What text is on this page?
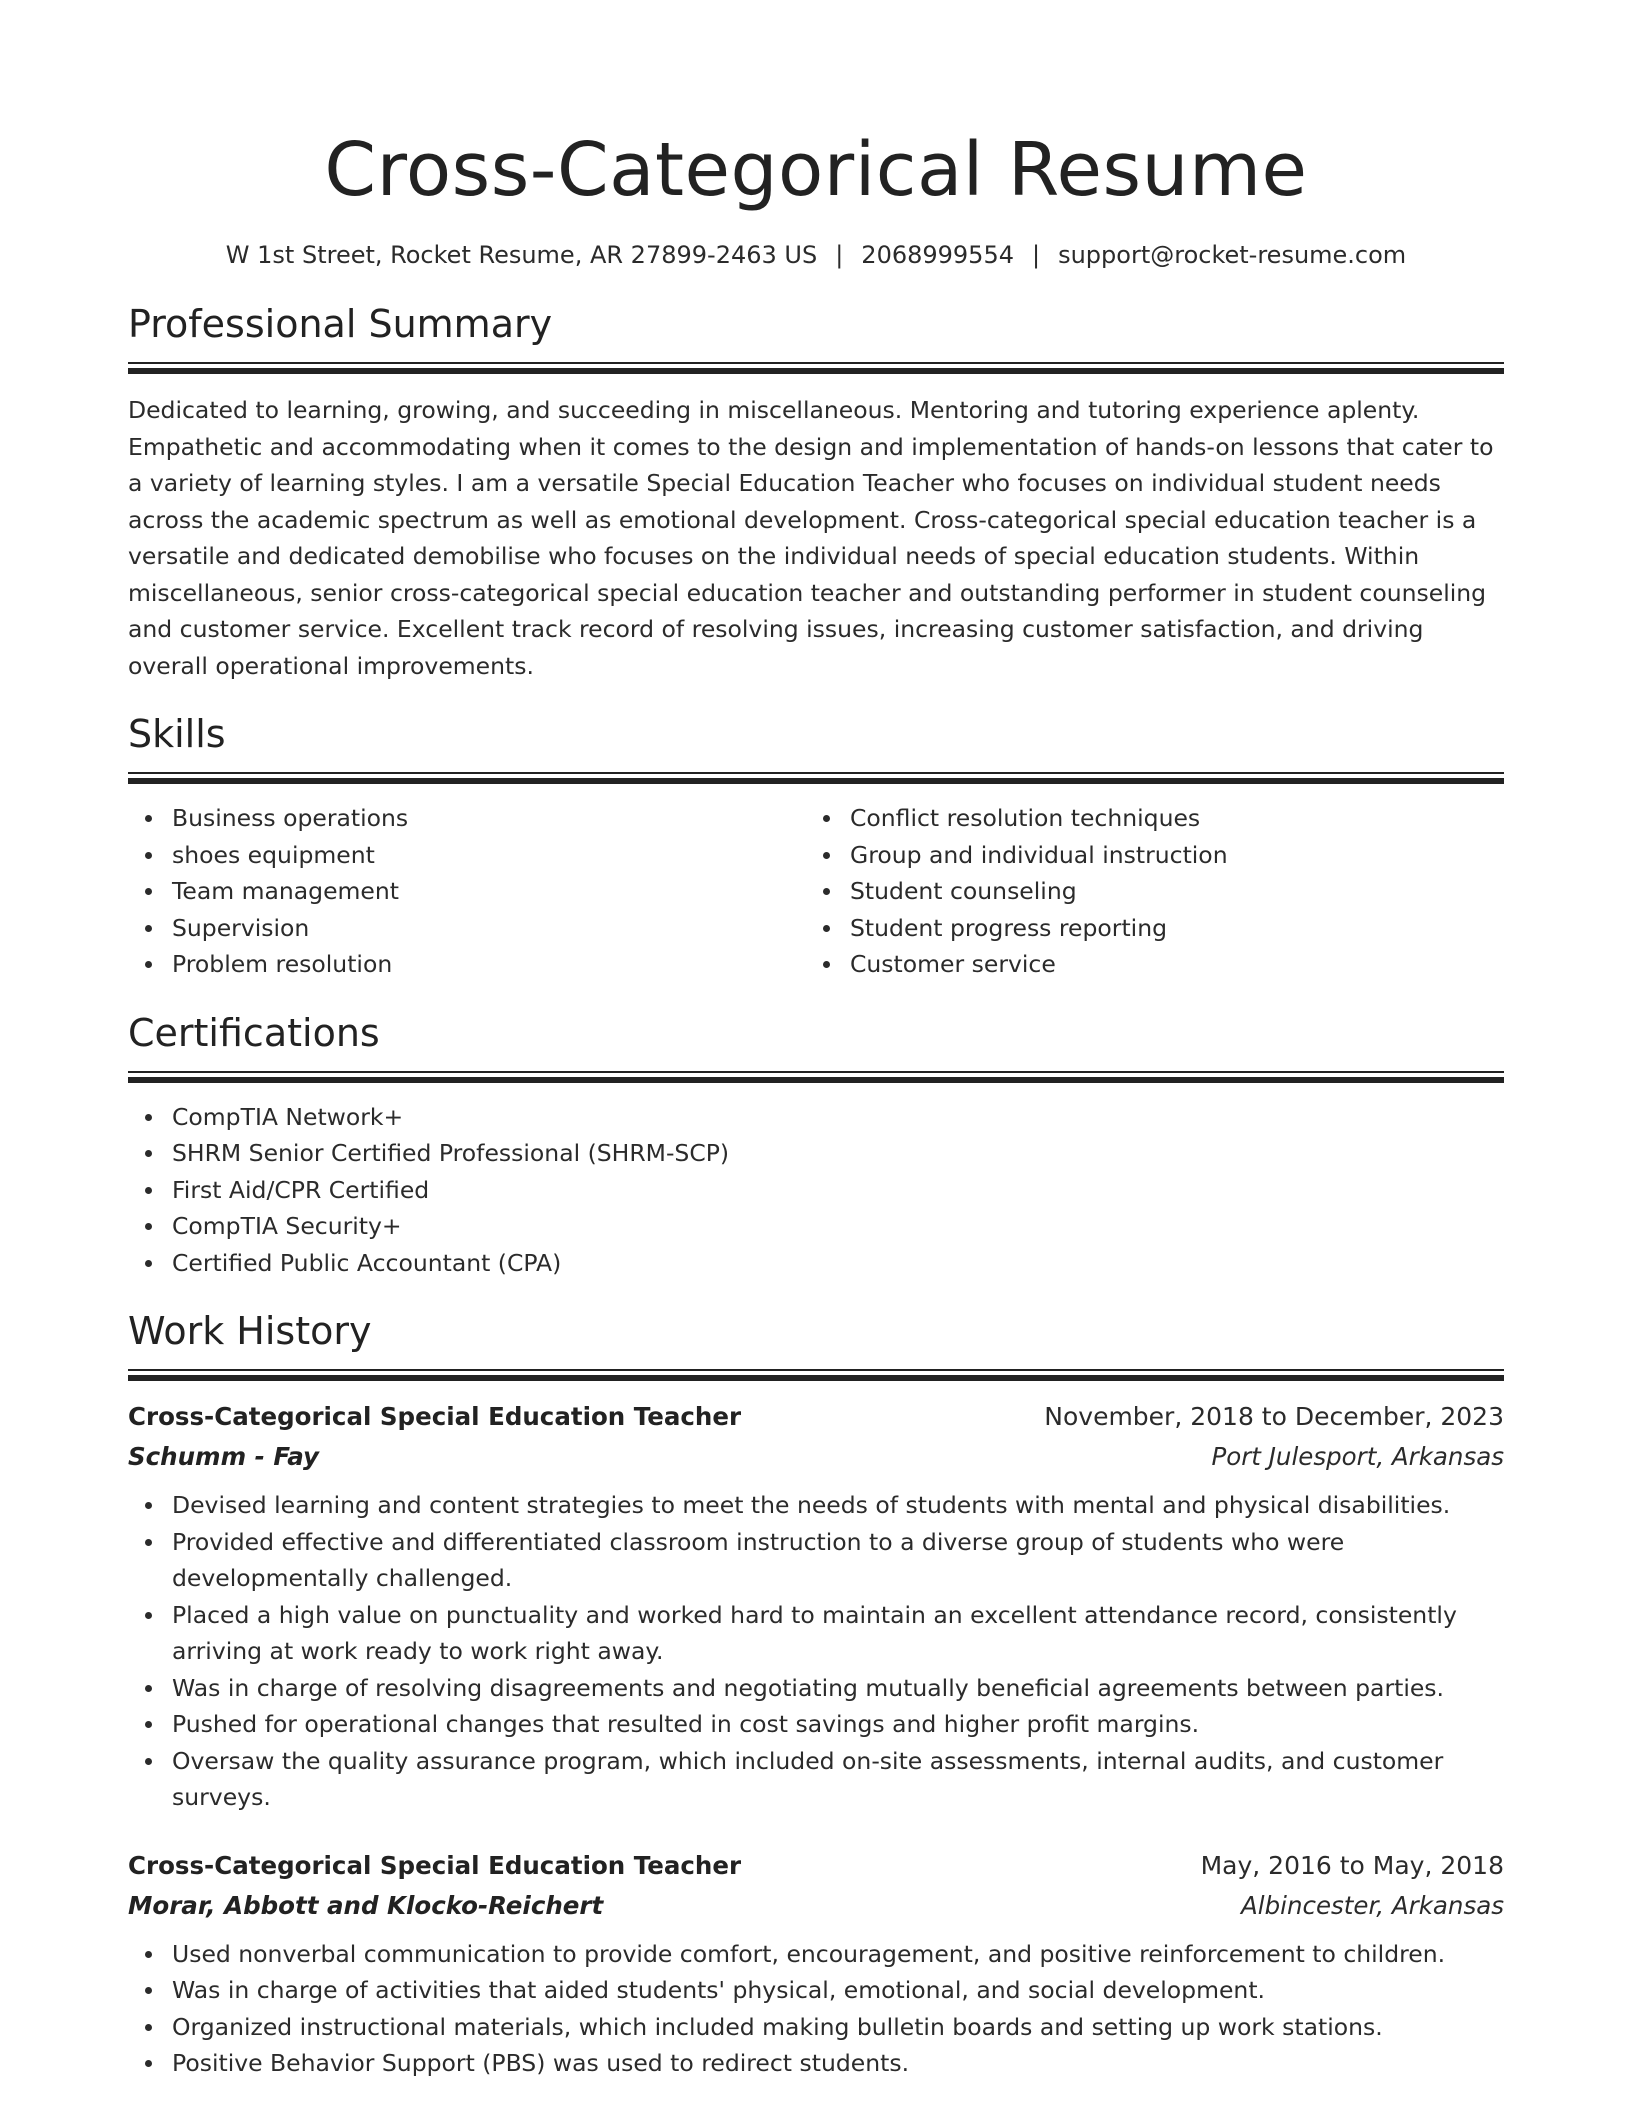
Cross-Categorical Resume
W 1st Street, Rocket Resume, AR 27899-2463 US | 2068999554 | support@rocket-resume.com
Professional Summary
Dedicated to learning, growing, and succeeding in miscellaneous. Mentoring and tutoring experience aplenty. Empathetic and accommodating when it comes to the design and implementation of hands-on lessons that cater to a variety of learning styles. I am a versatile Special Education Teacher who focuses on individual student needs across the academic spectrum as well as emotional development. Cross-categorical special education teacher is a versatile and dedicated demobilise who focuses on the individual needs of special education students. Within miscellaneous, senior cross-categorical special education teacher and outstanding performer in student counseling and customer service. Excellent track record of resolving issues, increasing customer satisfaction, and driving overall operational improvements.
Skills
Business operations
shoes equipment
Team management
Supervision
Problem resolution
Conflict resolution techniques
Group and individual instruction
Student counseling
Student progress reporting
Customer service
Certifications
CompTIA Network+
SHRM Senior Certified Professional (SHRM-SCP)
First Aid/CPR Certified
CompTIA Security+
Certified Public Accountant (CPA)
Work History
Cross-Categorical Special Education Teacher	November, 2018 to December, 2023
Schumm - Fay	Port Julesport, Arkansas
Devised learning and content strategies to meet the needs of students with mental and physical disabilities.
Provided effective and differentiated classroom instruction to a diverse group of students who were developmentally challenged.
Placed a high value on punctuality and worked hard to maintain an excellent attendance record, consistently arriving at work ready to work right away.
Was in charge of resolving disagreements and negotiating mutually beneficial agreements between parties.
Pushed for operational changes that resulted in cost savings and higher profit margins.
Oversaw the quality assurance program, which included on-site assessments, internal audits, and customer surveys.
Cross-Categorical Special Education Teacher	May, 2016 to May, 2018
Morar, Abbott and Klocko-Reichert	Albincester, Arkansas
Used nonverbal communication to provide comfort, encouragement, and positive reinforcement to children.
Was in charge of activities that aided students' physical, emotional, and social development.
Organized instructional materials, which included making bulletin boards and setting up work stations.
Positive Behavior Support (PBS) was used to redirect students.
